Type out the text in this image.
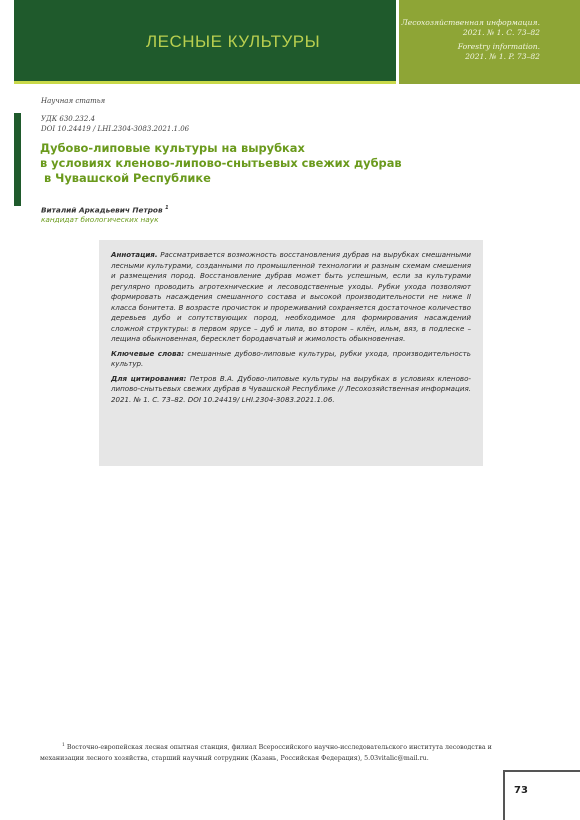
ЛЕСНЫЕ КУЛЬТУРЫ
Лесохозяйственная информация.
2021. № 1. С. 73–82
Forestry information.
2021. № 1. P. 73–82
Научная статья
УДК 630.232.4
DOI 10.24419 / LHI.2304-3083.2021.1.06
Дубово-липовые культуры на вырубках
в условиях кленово-липово-снытьевых свежих дубрав
в Чувашской Республике
Виталий Аркадьевич Петров $^1$
кандидат биологических наук

Аннотация. Рассматривается возможность восстановления дубрав на вырубках смешанными лесными культурами, созданными по промышленной технологии и разным схемам смешения и размещения пород. Восстановление дубрав может быть успешным, если за культурами регулярно проводить агротехнические и лесоводственные уходы. Рубки ухода позволяют формировать насаждения смешанного состава и высокой производительности не ниже II класса бонитета. В возрасте прочисток и прореживаний сохраняется достаточное количество деревьев дубо и сопутствующих пород, необходимое для формирования насаждений сложной структуры: в первом ярусе – дуб и липа, во втором – клён, ильм, вяз, в подлеске – лещина обыкновенная, бересклет бородавчатый и жимолость обыкновенная.

Ключевые слова: смешанные дубово-липовые культуры, рубки ухода, производительность культур.

Для цитирования: Петров В.А. Дубово-липовые культуры на вырубках в условиях кленово-липово-снытьевых свежих дубрав в Чувашской Республике // Лесохозяйственная информация. 2021. № 1. С. 73–82. DOI 10.24419/ LHI.2304-3083.2021.1.06.

$^1$ Восточно-европейская лесная опытная станция, филиал Всероссийского научно-исследовательского института лесоводства и механизации лесного хозяйства, старший научный сотрудник (Казань, Российская Федерация), 5.03vitalic@mail.ru.
73
